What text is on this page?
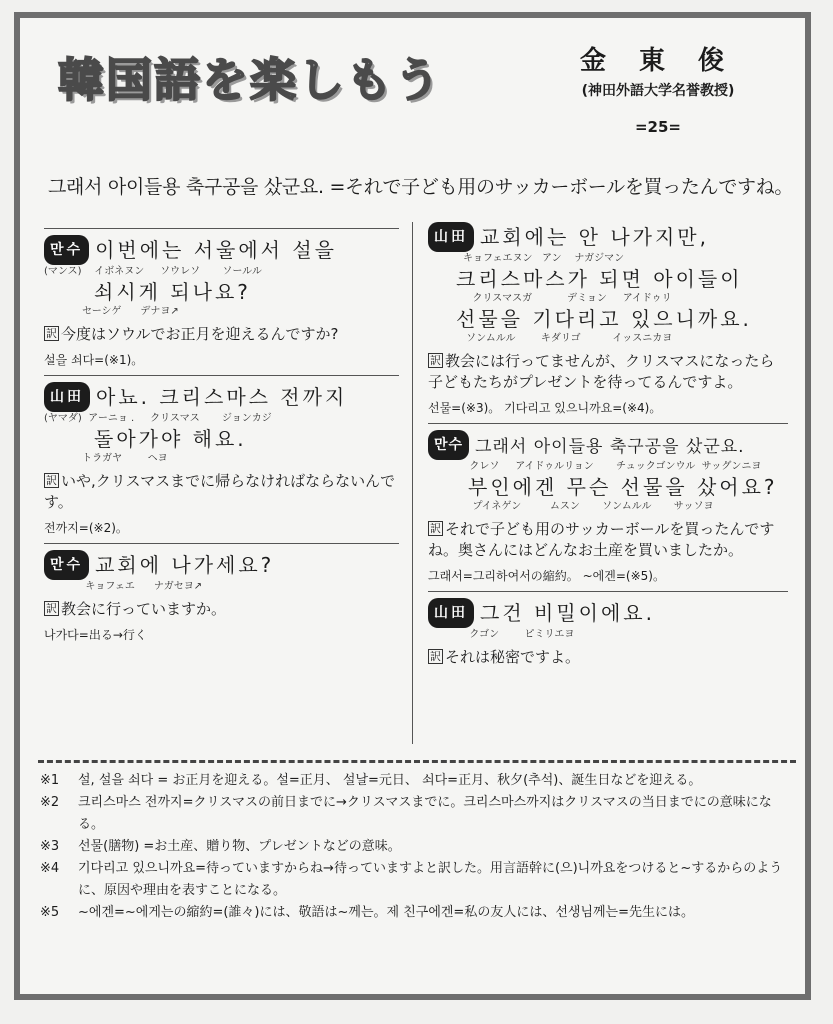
韓国語を楽しもう	金 東 俊
(神田外語大学名誉教授)
=25=
그래서 아이들용 축구공을 샀군요. =それで子ども用のサッカーボールを買ったんですね。
만수 이번에는 서울에서 설을
(マンス)    イボネヌン     ソウレソ       ソールル
쇠시게 되나요?
セーシゲ      デナヨ↗
訳 今度はソウルでお正月を迎えるんですか?
설을 쇠다=(※1)。
山田 아뇨. 크리스마스 전까지
(ヤマダ)  アーニョ .     クリスマス       ジョンカジ
돌아가야 해요.
トラガヤ        ヘヨ
訳 いや,クリスマスまでに帰らなければならないんです。
전까지=(※2)。
만수 교회에 나가세요?
キョフェエ      ナガセヨ↗
訳 教会に行っていますか。
나가다=出る→行く
山田 교회에는 안 나가지만,
キョフェエヌン   アン    ナガジマン
크리스마스가 되면 아이들이
クリスマスガ           デミョン     アイドゥリ
선물을 기다리고 있으니까요.
ソンムルル        キダリゴ          イッスニカヨ
訳 教会には行ってませんが、クリスマスになったら子どもたちがプレゼントを待ってるんですよ。
선물=(※3)。 기다리고 있으니까요=(※4)。
만수 그래서 아이들용 축구공을 샀군요.
クレソ     アイドゥルリョン       チュックゴンウル  サッグンニヨ
부인에겐 무슨 선물을 샀어요?
プイネゲン         ムスン       ソンムルル       サッソヨ
訳 それで子ども用のサッカーボールを買ったんですね。奥さんにはどんなお土産を買いましたか。
그래서=그리하여서の縮約。 ~에겐=(※5)。
山田 그건 비밀이에요.
クゴン        ピミリエヨ
訳 それは秘密ですよ。
※1	설, 설을 쇠다 = お正月を迎える。설=正月、 설날=元日、 쇠다=正月、秋夕(추석)、誕生日などを迎える。
※2	크리스마스 전까지=クリスマスの前日までに→クリスマスまでに。크리스마스까지はクリスマスの当日までにの意味になる。
※3	선물(膳物) =お土産、贈り物、プレゼントなどの意味。
※4	기다리고 있으니까요=待っていますからね→待っていますよと訳した。用言語幹に(으)니까요をつけると~するからのように、原因や理由を表すことになる。
※5	~에겐=~에게는の縮約=(誰々)には、敬語は~께는。제 친구에겐=私の友人には、선생님께는=先生には。
